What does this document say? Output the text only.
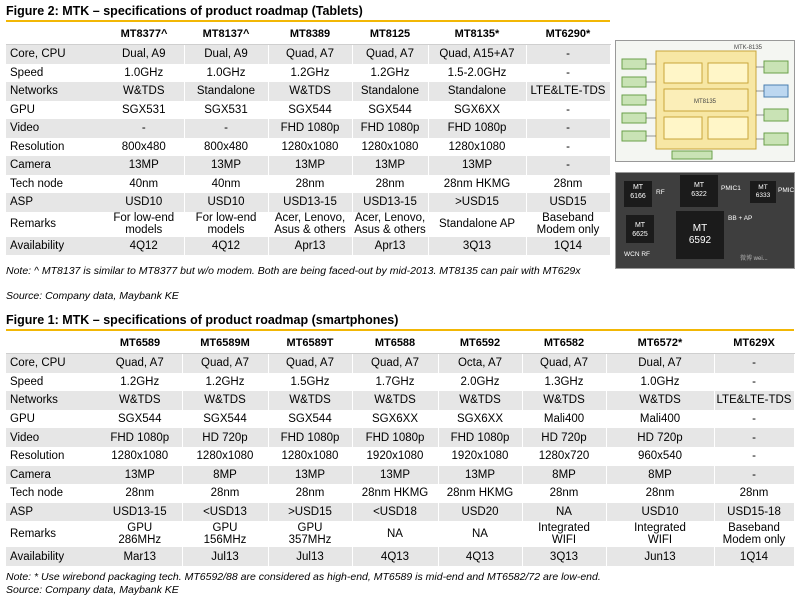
Figure 2: MTK – specifications of product roadmap (Tablets)
	MT8377^	MT8137^	MT8389	MT8125	MT8135*	MT6290*
Core, CPU	Dual, A9	Dual, A9	Quad, A7	Quad, A7	Quad, A15+A7	-
Speed	1.0GHz	1.0GHz	1.2GHz	1.2GHz	1.5-2.0GHz	-
Networks	W&TDS	Standalone	W&TDS	Standalone	Standalone	LTE&LTE-TDS
GPU	SGX531	SGX531	SGX544	SGX544	SGX6XX	-
Video	-	-	FHD 1080p	FHD 1080p	FHD 1080p	-
Resolution	800x480	800x480	1280x1080	1280x1080	1280x1080	-
Camera	13MP	13MP	13MP	13MP	13MP	-
Tech node	40nm	40nm	28nm	28nm	28nm HKMG	28nm
ASP	USD10	USD10	USD13-15	USD13-15	>USD15	USD15
Remarks	For low-end
models	For low-end
models	Acer, Lenovo,
Asus & others	Acer, Lenovo,
Asus & others	Standalone AP	Baseband
Modem only
Availability	4Q12	4Q12	Apr13	Apr13	3Q13	1Q14
Note: ^ MT8137 is similar to MT8377 but w/o modem. Both are being faced-out by mid-2013. MT8135 can pair with MT629x
Source: Company data, Maybank KE
MTK-8135
MT8135
MT
6166
MT
6322
PMIC1	MT
6333
PMIC
BB + AP
MT
6625
MT
6592
WCN RF
RF
微博 wei...
Figure 1: MTK – specifications of product roadmap (smartphones)
	MT6589	MT6589M	MT6589T	MT6588	MT6592	MT6582	MT6572*	MT629X
Core, CPU	Quad, A7	Quad, A7	Quad, A7	Quad, A7	Octa, A7	Quad, A7	Dual, A7	-
Speed	1.2GHz	1.2GHz	1.5GHz	1.7GHz	2.0GHz	1.3GHz	1.0GHz	-
Networks	W&TDS	W&TDS	W&TDS	W&TDS	W&TDS	W&TDS	W&TDS	LTE&LTE-TDS
GPU	SGX544	SGX544	SGX544	SGX6XX	SGX6XX	Mali400	Mali400	-
Video	FHD 1080p	HD 720p	FHD 1080p	FHD 1080p	FHD 1080p	HD 720p	HD 720p	-
Resolution	1280x1080	1280x1080	1280x1080	1920x1080	1920x1080	1280x720	960x540	-
Camera	13MP	8MP	13MP	13MP	13MP	8MP	8MP	-
Tech node	28nm	28nm	28nm	28nm HKMG	28nm HKMG	28nm	28nm	28nm
ASP	USD13-15	<USD13	>USD15	<USD18	USD20	NA	USD10	USD15-18
Remarks	GPU
286MHz	GPU
156MHz	GPU
357MHz	NA	NA	Integrated
WIFI	Integrated
WIFI	Baseband
Modem only
Availability	Mar13	Jul13	Jul13	4Q13	4Q13	3Q13	Jun13	1Q14
Note: * Use wirebond packaging tech. MT6592/88 are considered as high-end, MT6589 is mid-end and MT6582/72 are low-end.
Source: Company data, Maybank KE
